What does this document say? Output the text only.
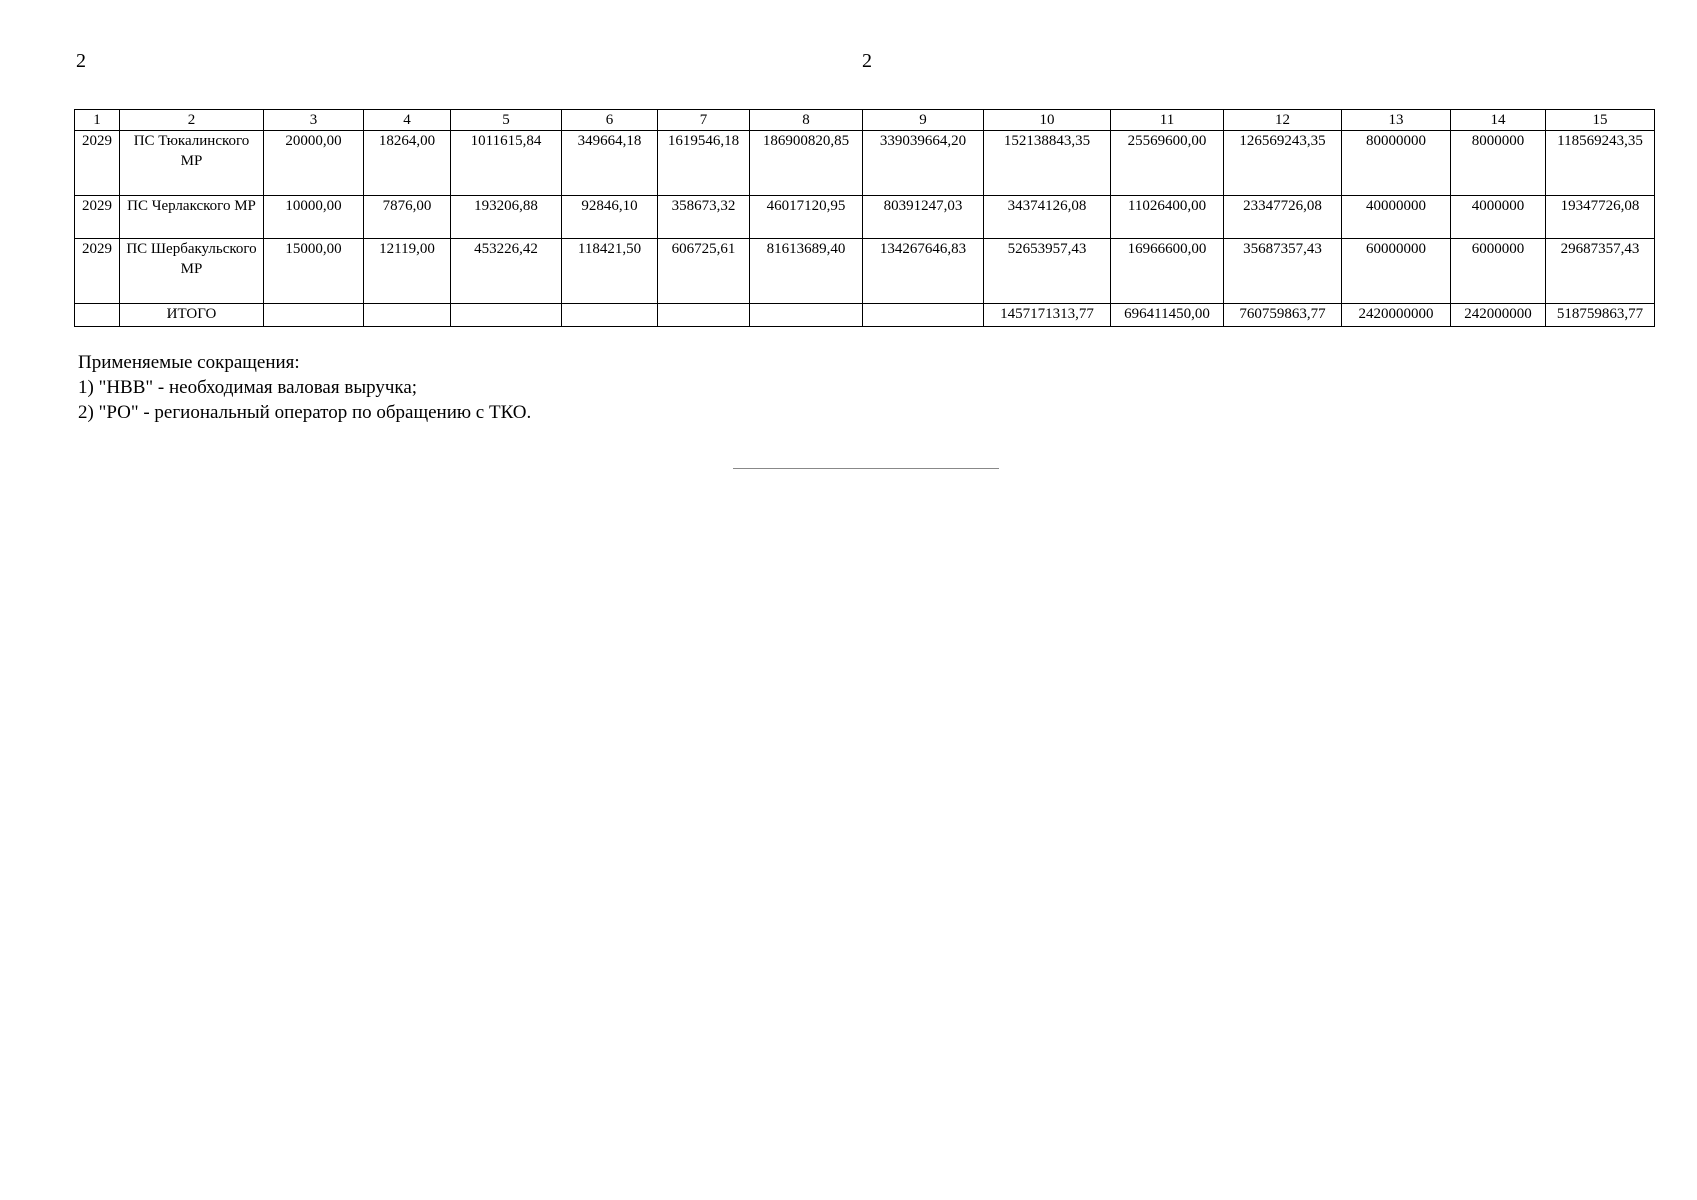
2	2
1	2	3	4	5	6	7	8	9	10	11	12	13	14	15
2029	ПС Тюкалинского МР	20000,00	18264,00	1011615,84	349664,18	1619546,18	186900820,85	339039664,20	152138843,35	25569600,00	126569243,35	80000000	8000000	118569243,35
2029	ПС Черлакского МР	10000,00	7876,00	193206,88	92846,10	358673,32	46017120,95	80391247,03	34374126,08	11026400,00	23347726,08	40000000	4000000	19347726,08
2029	ПС Шербакульского МР	15000,00	12119,00	453226,42	118421,50	606725,61	81613689,40	134267646,83	52653957,43	16966600,00	35687357,43	60000000	6000000	29687357,43
	ИТОГО								1457171313,77	696411450,00	760759863,77	2420000000	242000000	518759863,77
Применяемые сокращения:
1) "НВВ" - необходимая валовая выручка;
2) "РО" - региональный оператор по обращению с ТКО.
